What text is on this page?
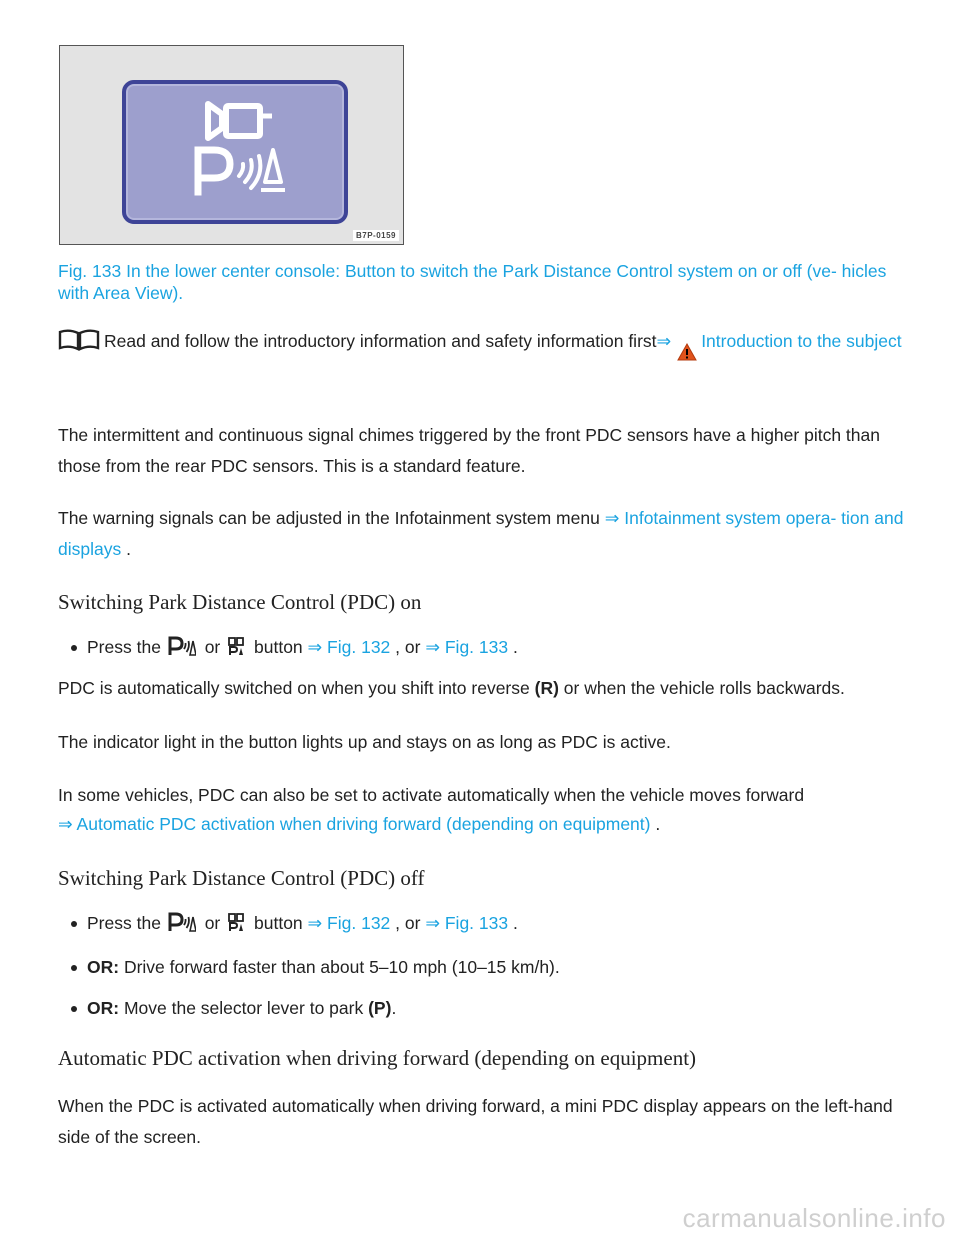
B7P-0159
Fig. 133 In the lower center console: Button to switch the Park Distance Control system on or off (ve- hicles with Area View).
Read and follow the introductory information and safety information first⇒ Introduction to the subject
The intermittent and continuous signal chimes triggered by the front PDC sensors have a higher pitch than those from the rear PDC sensors. This is a standard feature.
The warning signals can be adjusted in the Infotainment system menu ⇒ Infotainment system opera- tion and displays .
Switching Park Distance Control (PDC) on
Press the	or button ⇒ Fig. 132 , or ⇒ Fig. 133 .
PDC is automatically switched on when you shift into reverse (R) or when the vehicle rolls backwards.
The indicator light in the button lights up and stays on as long as PDC is active.
In some vehicles, PDC can also be set to activate automatically when the vehicle moves forward
⇒ Automatic PDC activation when driving forward (depending on equipment) .
Switching Park Distance Control (PDC) off
Press the	or button ⇒ Fig. 132 , or ⇒ Fig. 133 .
OR: Drive forward faster than about 5–10 mph (10–15 km/h).
OR: Move the selector lever to park (P).
Automatic PDC activation when driving forward (depending on equipment)
When the PDC is activated automatically when driving forward, a mini PDC display appears on the left-hand side of the screen.
carmanualsonline.info
